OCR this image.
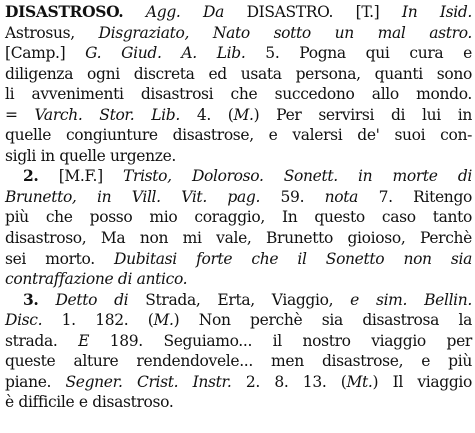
DISASTROSO. Agg. Da DISASTRO. [T.] In Isid.
Astrosus, Disgraziato, Nato sotto un mal astro.
[Camp.] G. Giud. A. Lib. 5. Pogna qui cura e
diligenza ogni discreta ed usata persona, quanti sono
li avvenimenti disastrosi che succedono allo mondo.
= Varch. Stor. Lib. 4. (M.) Per servirsi di lui in
quelle congiunture disastrose, e valersi de' suoi con-
sigli in quelle urgenze.
2. [M.F.] Tristo, Doloroso. Sonett. in morte di
Brunetto, in Vill. Vit. pag. 59. nota 7. Ritengo
più che posso mio coraggio, In questo caso tanto
disastroso, Ma non mi vale, Brunetto gioioso, Perchè
sei morto. Dubitasi forte che il Sonetto non sia
contraffazione di antico.
3. Detto di Strada, Erta, Viaggio, e sim. Bellin.
Disc. 1. 182. (M.) Non perchè sia disastrosa la
strada. E 189. Seguiamo... il nostro viaggio per
queste alture rendendovele... men disastrose, e più
piane. Segner. Crist. Instr. 2. 8. 13. (Mt.) Il viaggio
è difficile e disastroso.
